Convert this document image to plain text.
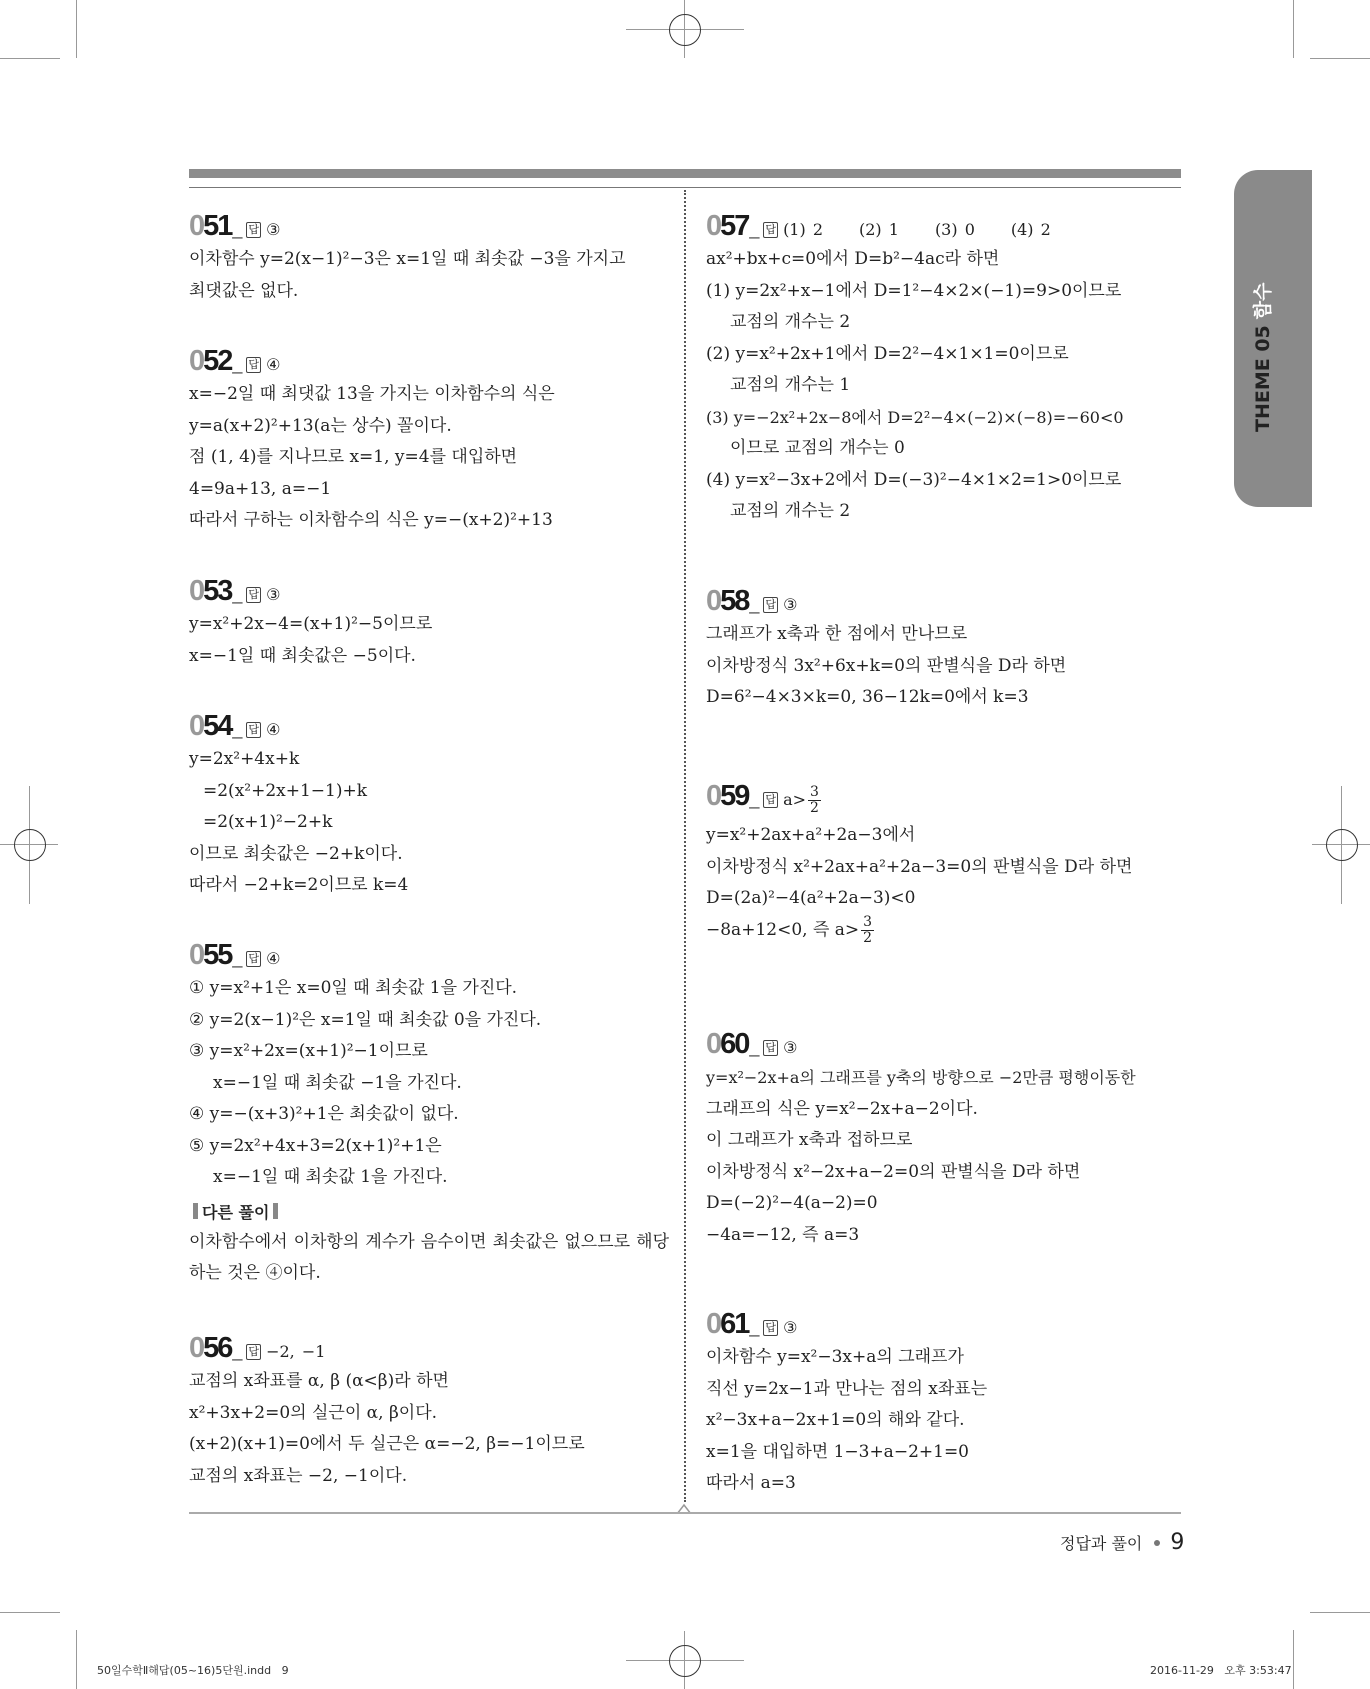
THEME 05함수
051_ 답 ③
이차함수 y=2(x−1)²−3은 x=1일 때 최솟값 −3을 가지고
최댓값은 없다.
052_ 답 ④
x=−2일 때 최댓값 13을 가지는 이차함수의 식은
y=a(x+2)²+13(a는 상수) 꼴이다.
점 (1, 4)를 지나므로 x=1, y=4를 대입하면
4=9a+13, a=−1
따라서 구하는 이차함수의 식은 y=−(x+2)²+13
053_ 답 ③
y=x²+2x−4=(x+1)²−5이므로
x=−1일 때 최솟값은 −5이다.
054_ 답 ④
y=2x²+4x+k
=2(x²+2x+1−1)+k
=2(x+1)²−2+k
이므로 최솟값은 −2+k이다.
따라서 −2+k=2이므로 k=4
055_ 답 ④
① y=x²+1은 x=0일 때 최솟값 1을 가진다.
② y=2(x−1)²은 x=1일 때 최솟값 0을 가진다.
③ y=x²+2x=(x+1)²−1이므로
x=−1일 때 최솟값 −1을 가진다.
④ y=−(x+3)²+1은 최솟값이 없다.
⑤ y=2x²+4x+3=2(x+1)²+1은
x=−1일 때 최솟값 1을 가진다.
다른 풀이
이차함수에서 이차항의 계수가 음수이면 최솟값은 없으므로 해당하는 것은 ④이다.
056_ 답 −2, −1
교점의 x좌표를 α, β (α<β)라 하면
x²+3x+2=0의 실근이 α, β이다.
(x+2)(x+1)=0에서 두 실근은 α=−2, β=−1이므로
교점의 x좌표는 −2, −1이다.
057_ 답 (1) 2 (2) 1 (3) 0 (4) 2
ax²+bx+c=0에서 D=b²−4ac라 하면
(1) y=2x²+x−1에서 D=1²−4×2×(−1)=9>0이므로
교점의 개수는 2
(2) y=x²+2x+1에서 D=2²−4×1×1=0이므로
교점의 개수는 1
(3) y=−2x²+2x−8에서 D=2²−4×(−2)×(−8)=−60<0
이므로 교점의 개수는 0
(4) y=x²−3x+2에서 D=(−3)²−4×1×2=1>0이므로
교점의 개수는 2
058_ 답 ③
그래프가 x축과 한 점에서 만나므로
이차방정식 3x²+6x+k=0의 판별식을 D라 하면
D=6²−4×3×k=0, 36−12k=0에서 k=3
059_ 답 $a> \frac{3}{2}$
y=x²+2ax+a²+2a−3에서
이차방정식 x²+2ax+a²+2a−3=0의 판별식을 D라 하면
D=(2a)²−4(a²+2a−3)<0
−8a+12<0, 즉 $a> \frac{3}{2}$
060_ 답 ③
y=x²−2x+a의 그래프를 y축의 방향으로 −2만큼 평행이동한
그래프의 식은 y=x²−2x+a−2이다.
이 그래프가 x축과 접하므로
이차방정식 x²−2x+a−2=0의 판별식을 D라 하면
D=(−2)²−4(a−2)=0
−4a=−12, 즉 a=3
061_ 답 ③
이차함수 y=x²−3x+a의 그래프가
직선 y=2x−1과 만나는 점의 x좌표는
x²−3x+a−2x+1=0의 해와 같다.
x=1을 대입하면 1−3+a−2+1=0
따라서 a=3
정답과 풀이 9
50일수학Ⅱ해답(05~16)5단원.indd   9	2016-11-29   오후 3:53:47
